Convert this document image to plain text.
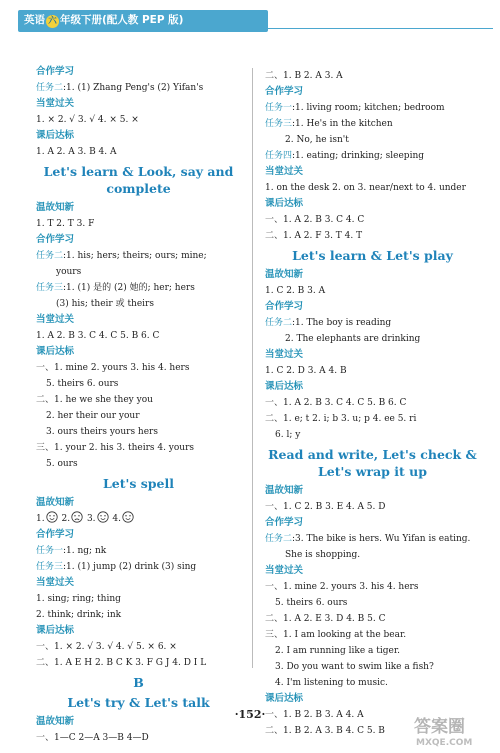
英语 六 年级下册(配人教 PEP 版)
合作学习
任务二:1. (1) Zhang Peng's (2) Yifan's
当堂过关
1. × 2. √ 3. √ 4. × 5. ×
课后达标
1. A 2. A 3. B 4. A
Let's learn & Look, say and complete
温故知新
1. T 2. T 3. F
合作学习
任务二:1. his; hers; theirs; ours; mine;
yours
任务三:1. (1) 是的 (2) 她的; her; hers
(3) his; their 或 theirs
当堂过关
1. A 2. B 3. C 4. C 5. B 6. C
课后达标
一、1. mine 2. yours 3. his 4. hers
5. theirs 6. ours
二、1. he we she they you
2. her their our your
3. ours theirs yours hers
三、1. your 2. his 3. theirs 4. yours
5. ours
Let's spell
温故知新
1. 2. 3. 4.
合作学习
任务一:1. ng; nk
任务三:1. (1) jump (2) drink (3) sing
当堂过关
1. sing; ring; thing
2. think; drink; ink
课后达标
一、1. × 2. √ 3. √ 4. √ 5. × 6. ×
二、1. A E H 2. B C K 3. F G J 4. D I L
B
Let's try & Let's talk
温故知新
一、1—C 2—A 3—B 4—D
二、1. B 2. A 3. A
合作学习
任务一:1. living room; kitchen; bedroom
任务三:1. He's in the kitchen
2. No, he isn't
任务四:1. eating; drinking; sleeping
当堂过关
1. on the desk 2. on 3. near/next to 4. under
课后达标
一、1. A 2. B 3. C 4. C
二、1. A 2. F 3. T 4. T
Let's learn & Let's play
温故知新
1. C 2. B 3. A
合作学习
任务二:1. The boy is reading
2. The elephants are drinking
当堂过关
1. C 2. D 3. A 4. B
课后达标
一、1. A 2. B 3. C 4. C 5. B 6. C
二、1. e; t 2. i; b 3. u; p 4. ee 5. ri
6. l; y
Read and write, Let's check & Let's wrap it up
温故知新
一、1. C 2. B 3. E 4. A 5. D
合作学习
任务二:3. The bike is hers. Wu Yifan is eating.
She is shopping.
当堂过关
一、1. mine 2. yours 3. his 4. hers
5. theirs 6. ours
二、1. A 2. E 3. D 4. B 5. C
三、1. I am looking at the bear.
2. I am running like a tiger.
3. Do you want to swim like a fish?
4. I'm listening to music.
课后达标
一、1. B 2. B 3. A 4. A
二、1. B 2. A 3. B 4. C 5. B
·152·
答案圈
MXQE.COM
